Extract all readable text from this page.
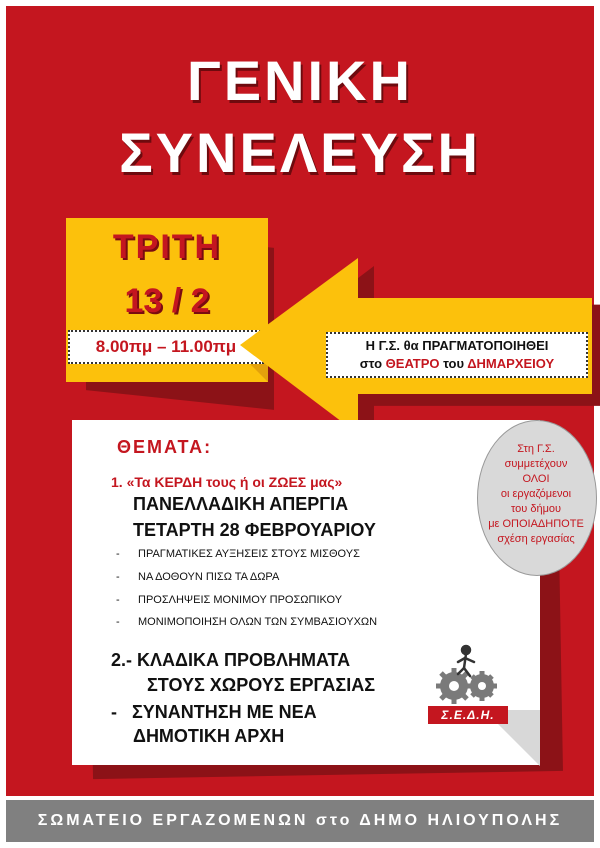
ΓΕΝΙΚΗ
ΣΥΝΕΛΕΥΣΗ
ΤΡΙΤΗ
13 / 2
8.00πμ – 11.00πμ	Η Γ.Σ. θα ΠΡΑΓΜΑΤΟΠΟΙΗΘΕΙ
στο ΘΕΑΤΡΟ του ΔΗΜΑΡΧΕΙΟΥ
ΘΕΜΑΤΑ:
1. «Τα ΚΕΡΔΗ τους ή οι ΖΩΕΣ μας»
ΠΑΝΕΛΛΑΔΙΚΗ ΑΠΕΡΓΙΑ
ΤΕΤΑΡΤΗ 28 ΦΕΒΡΟΥΑΡΙΟΥ
- ΠΡΑΓΜΑΤΙΚΕΣ ΑΥΞΗΣΕΙΣ ΣΤΟΥΣ ΜΙΣΘΟΥΣ
- ΝΑ ΔΟΘΟΥΝ ΠΙΣΩ ΤΑ ΔΩΡΑ
- ΠΡΟΣΛΗΨΕΙΣ ΜΟΝΙΜΟΥ ΠΡΟΣΩΠΙΚΟΥ
- ΜΟΝΙΜΟΠΟΙΗΣΗ ΟΛΩΝ ΤΩΝ ΣΥΜΒΑΣΙΟΥΧΩΝ
2.- ΚΛΑΔΙΚΑ ΠΡΟΒΛΗΜΑΤΑ
ΣΤΟΥΣ ΧΩΡΟΥΣ ΕΡΓΑΣΙΑΣ
-   ΣΥΝΑΝΤΗΣΗ ΜΕ ΝΕΑ
ΔΗΜΟΤΙΚΗ ΑΡΧΗ
Στη Γ.Σ.
συμμετέχουν
ΟΛΟΙ
οι εργαζόμενοι
του δήμου
με ΟΠΟΙΑΔΗΠΟΤΕ
σχέση εργασίας
Σ.Ε.Δ.Η.
ΣΩΜΑΤΕΙΟ ΕΡΓΑΖΟΜΕΝΩΝ στο ΔΗΜΟ ΗΛΙΟΥΠΟΛΗΣ
